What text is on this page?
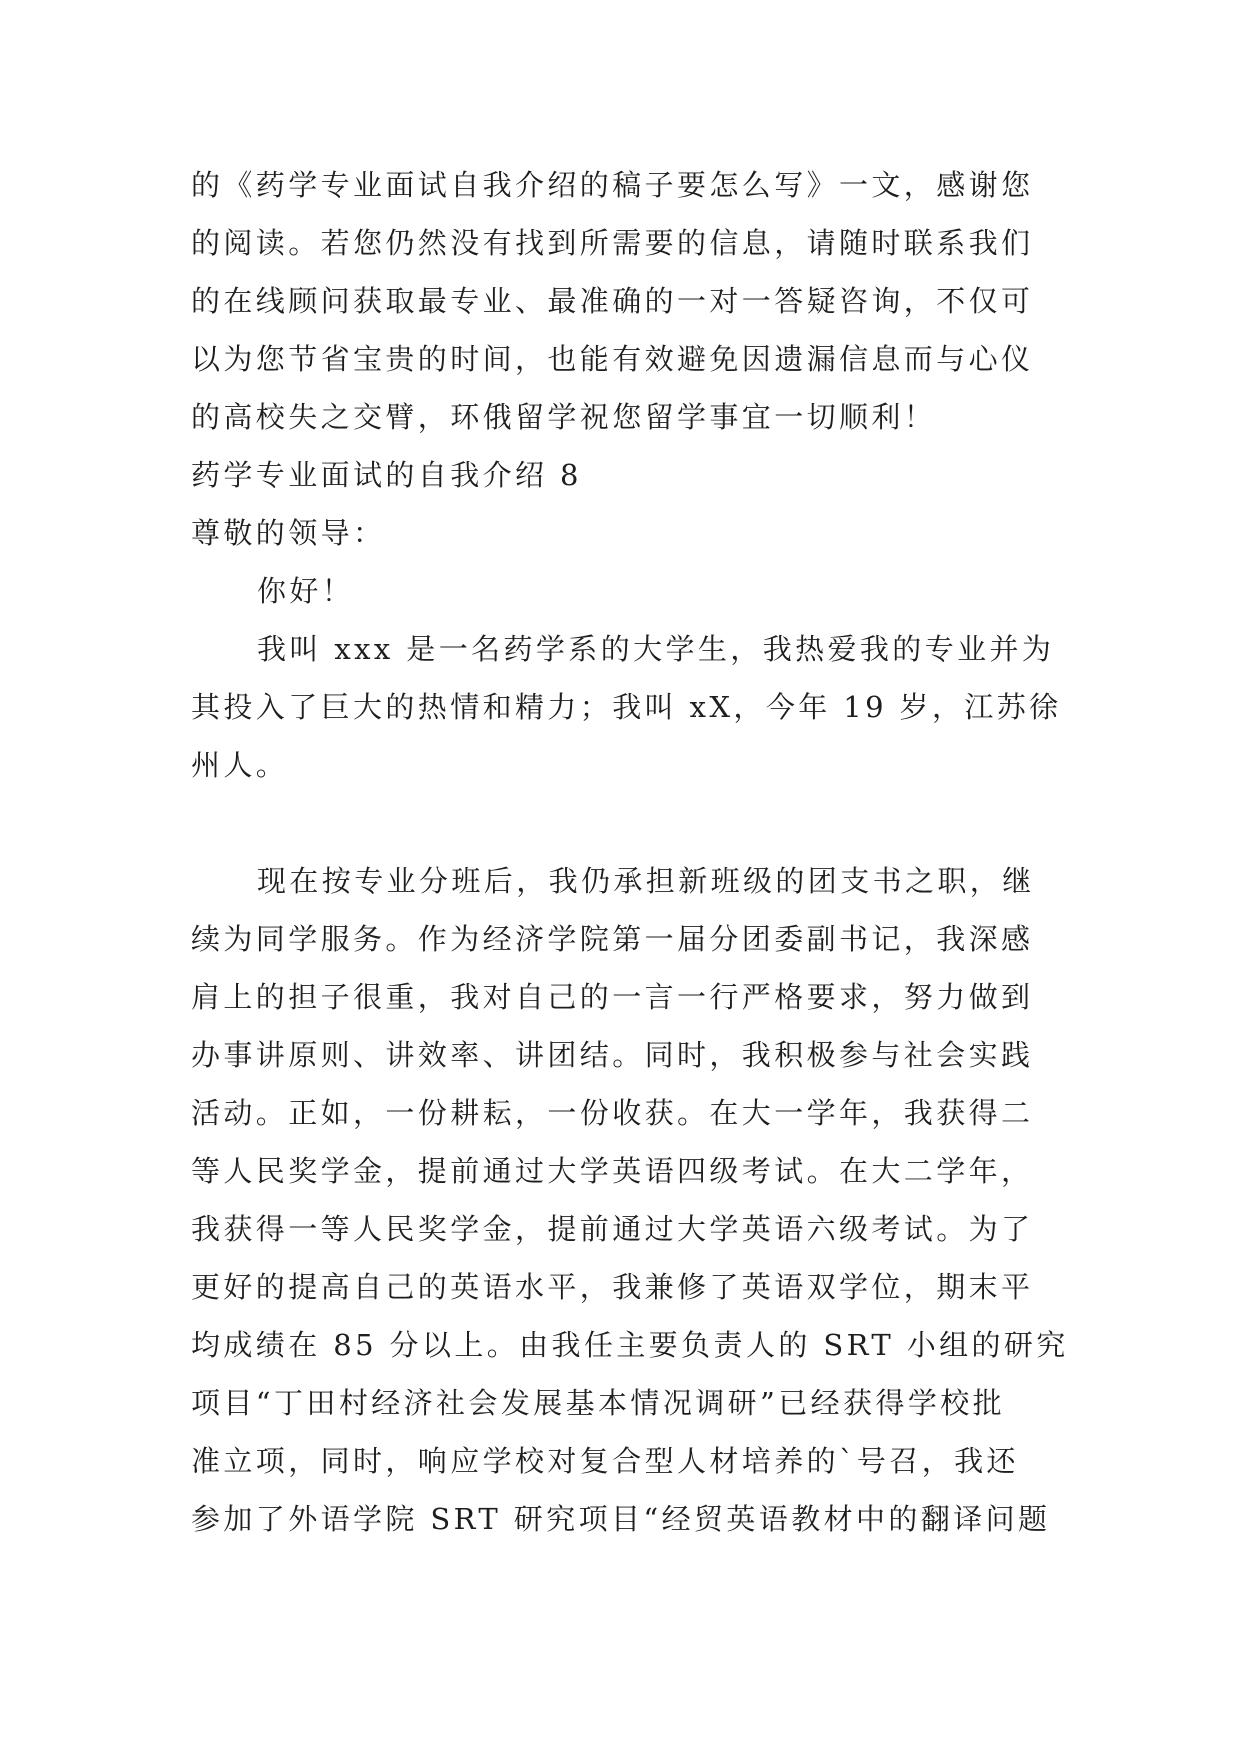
的《药学专业面试自我介绍的稿子要怎么写》一文，感谢您
的阅读。若您仍然没有找到所需要的信息，请随时联系我们
的在线顾问获取最专业、最准确的一对一答疑咨询，不仅可
以为您节省宝贵的时间，也能有效避免因遗漏信息而与心仪
的高校失之交臂，环俄留学祝您留学事宜一切顺利！
药学专业面试的自我介绍 8
尊敬的领导：
你好！
我叫 xxx 是一名药学系的大学生，我热爱我的专业并为
其投入了巨大的热情和精力；我叫 xX，今年 19 岁，江苏徐
州人。
现在按专业分班后，我仍承担新班级的团支书之职，继
续为同学服务。作为经济学院第一届分团委副书记，我深感
肩上的担子很重，我对自己的一言一行严格要求，努力做到
办事讲原则、讲效率、讲团结。同时，我积极参与社会实践
活动。正如，一份耕耘，一份收获。在大一学年，我获得二
等人民奖学金，提前通过大学英语四级考试。在大二学年，
我获得一等人民奖学金，提前通过大学英语六级考试。为了
更好的提高自己的英语水平，我兼修了英语双学位，期末平
均成绩在 85 分以上。由我任主要负责人的 SRT 小组的研究
项目“丁田村经济社会发展基本情况调研”已经获得学校批
准立项，同时，响应学校对复合型人材培养的`号召，我还
参加了外语学院 SRT 研究项目“经贸英语教材中的翻译问题
